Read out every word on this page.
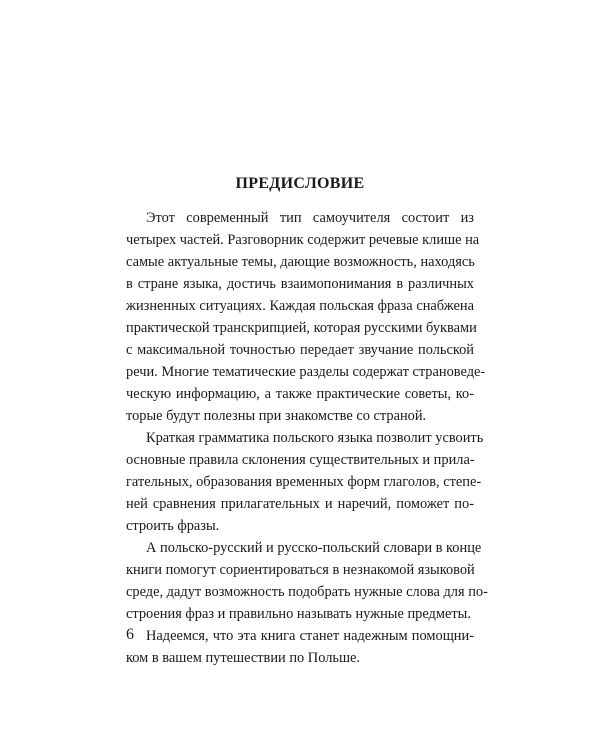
ПРЕДИСЛОВИЕ
Этот современный тип самоучителя состоит из
четырех частей. Разговорник содержит речевые клише на
самые актуальные темы, дающие возможность, находясь
в стране языка, достичь взаимопонимания в различных
жизненных ситуациях. Каждая польская фраза снабжена
практической транскрипцией, которая русскими буквами
с максимальной точностью передает звучание польской
речи. Многие тематические разделы содержат страноведе-
ческую информацию, а также практические советы, ко-
торые будут полезны при знакомстве со страной.
Краткая грамматика польского языка позволит усвоить
основные правила склонения существительных и прила-
гательных, образования временных форм глаголов, степе-
ней сравнения прилагательных и наречий, поможет по-
строить фразы.
А польско-русский и русско-польский словари в конце
книги помогут сориентироваться в незнакомой языковой
среде, дадут возможность подобрать нужные слова для по-
строения фраз и правильно называть нужные предметы.
Надеемся, что эта книга станет надежным помощни-
ком в вашем путешествии по Польше.
6
